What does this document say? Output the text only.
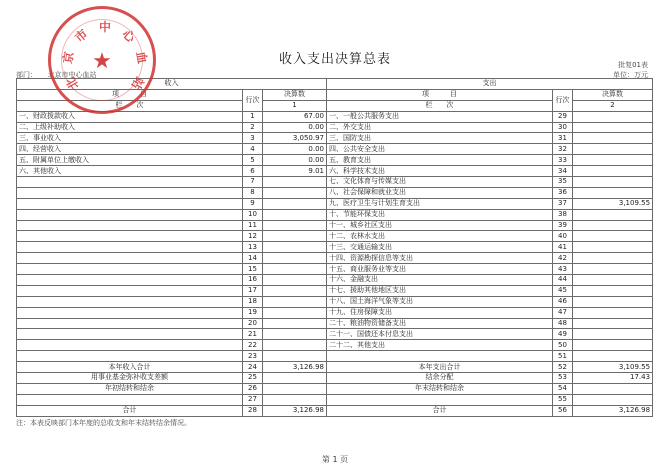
收入支出决算总表	批复01表
部门：　　北京市中心血站	单位：万元
收入			支出		
项　　　目	行次	决算数	项　　　目	行次	决算数
栏　　次		1	栏　　次		2
一、财政拨款收入	1	67.00	一、一般公共服务支出	29	
二、上级补助收入	2	0.00	二、外交支出	30	
三、事业收入	3	3,050.97	三、国防支出	31	
四、经营收入	4	0.00	四、公共安全支出	32	
五、附属单位上缴收入	5	0.00	五、教育支出	33	
六、其他收入	6	9.01	六、科学技术支出	34	
	7		七、文化体育与传媒支出	35	
	8		八、社会保障和就业支出	36	
	9		九、医疗卫生与计划生育支出	37	3,109.55
	10		十、节能环保支出	38	
	11		十一、城乡社区支出	39	
	12		十二、农林水支出	40	
	13		十三、交通运输支出	41	
	14		十四、资源勘探信息等支出	42	
	15		十五、商业服务业等支出	43	
	16		十六、金融支出	44	
	17		十七、援助其他地区支出	45	
	18		十八、国土海洋气象等支出	46	
	19		十九、住房保障支出	47	
	20		二十、粮油物资储备支出	48	
	21		二十一、国债还本付息支出	49	
	22		二十二、其他支出	50	
	23			51	
本年收入合计	24	3,126.98	本年支出合计	52	3,109.55
用事业基金弥补收支差额	25		结余分配	53	17.43
年初结转和结余	26		年末结转和结余	54	
	27			55	
合计	28	3,126.98	合计	56	3,126.98
★
北
京
市 中 心
血
站
注：本表反映部门本年度的总收支和年末结转结余情况。
第 1 页
